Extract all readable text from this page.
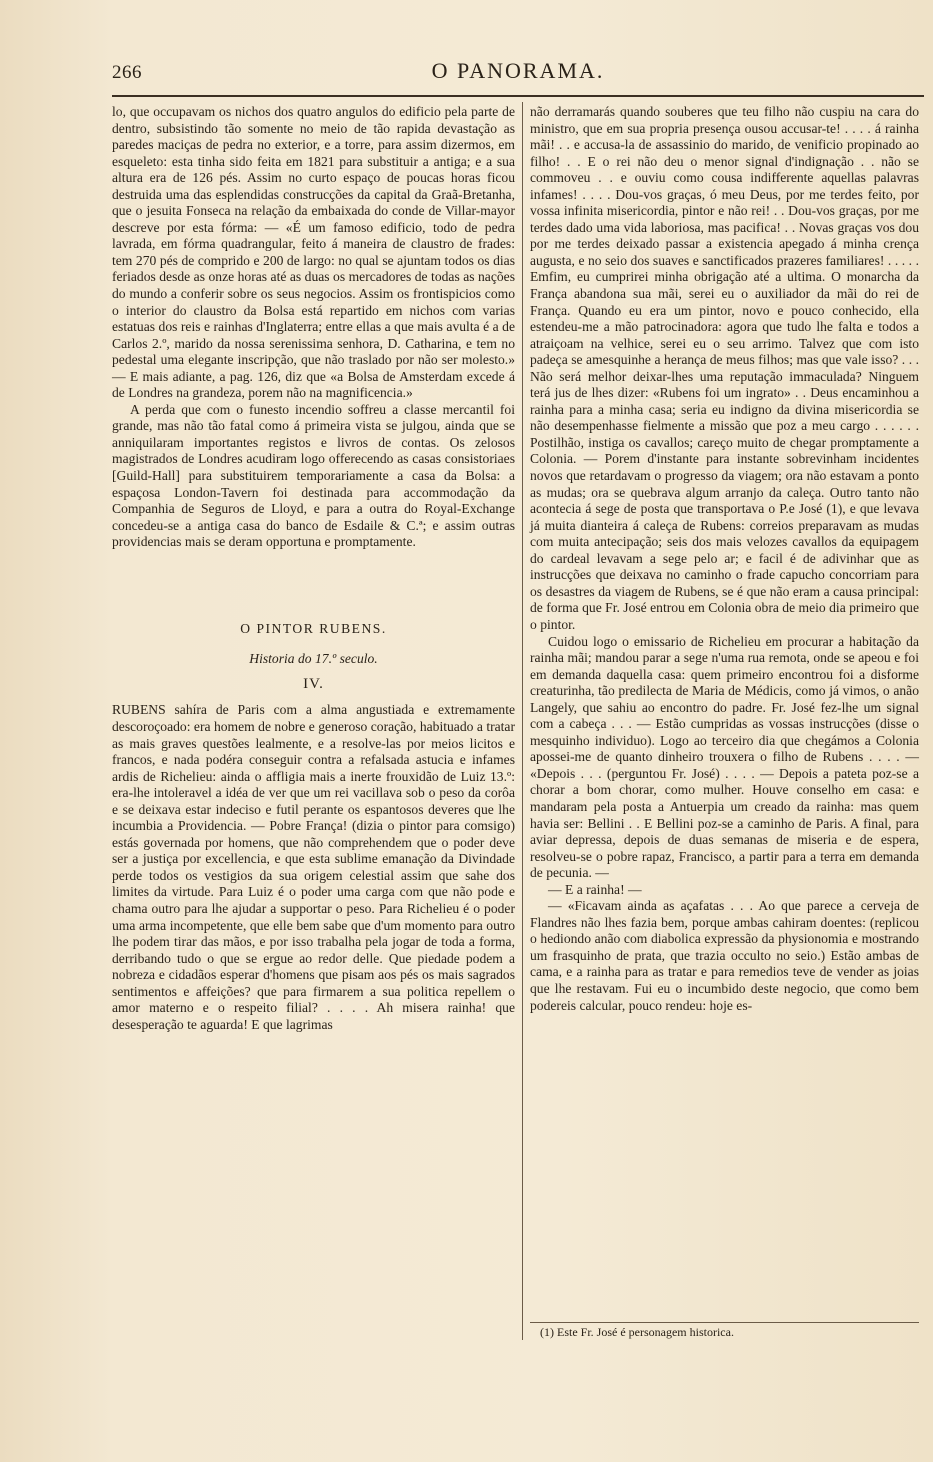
266	O PANORAMA.

lo, que occupavam os nichos dos quatro angulos do edificio pela parte de dentro, subsistindo tão somente no meio de tão rapida devastação as paredes maciças de pedra no exterior, e a torre, para assim dizermos, em esqueleto: esta tinha sido feita em 1821 para substituir a antiga; e a sua altura era de 126 pés. Assim no curto espaço de poucas horas ficou destruida uma das esplendidas construcções da capital da Graã-Bretanha, que o jesuita Fonseca na relação da embaixada do conde de Villar-mayor descreve por esta fórma: — «É um famoso edificio, todo de pedra lavrada, em fórma quadrangular, feito á maneira de claustro de frades: tem 270 pés de comprido e 200 de largo: no qual se ajuntam todos os dias feriados desde as onze horas até as duas os mercadores de todas as nações do mundo a conferir sobre os seus negocios. Assim os frontispicios como o interior do claustro da Bolsa está repartido em nichos com varias estatuas dos reis e rainhas d'Inglaterra; entre ellas a que mais avulta é a de Carlos 2.º, marido da nossa serenissima senhora, D. Catharina, e tem no pedestal uma elegante inscripção, que não traslado por não ser molesto.» — E mais adiante, a pag. 126, diz que «a Bolsa de Amsterdam excede á de Londres na grandeza, porem não na magnificencia.»

A perda que com o funesto incendio soffreu a classe mercantil foi grande, mas não tão fatal como á primeira vista se julgou, ainda que se anniquilaram importantes registos e livros de contas. Os zelosos magistrados de Londres acudiram logo offerecendo as casas consistoriaes [Guild-Hall] para substituirem temporariamente a casa da Bolsa: a espaçosa London-Tavern foi destinada para accommodação da Companhia de Seguros de Lloyd, e para a outra do Royal-Exchange concedeu-se a antiga casa do banco de Esdaile & C.ª; e assim outras providencias mais se deram opportuna e promptamente.

O PINTOR RUBENS.

Historia do 17.º seculo.

IV.

RUBENS sahíra de Paris com a alma angustiada e extremamente descoroçoado: era homem de nobre e generoso coração, habituado a tratar as mais graves questões lealmente, e a resolve-las por meios licitos e francos, e nada podéra conseguir contra a refalsada astucia e infames ardis de Richelieu: ainda o affligia mais a inerte frouxidão de Luiz 13.º: era-lhe intoleravel a idéa de ver que um rei vacillava sob o peso da corôa e se deixava estar indeciso e futil perante os espantosos deveres que lhe incumbia a Providencia. — Pobre França! (dizia o pintor para comsigo) estás governada por homens, que não comprehendem que o poder deve ser a justiça por excellencia, e que esta sublime emanação da Divindade perde todos os vestigios da sua origem celestial assim que sahe dos limites da virtude. Para Luiz é o poder uma carga com que não pode e chama outro para lhe ajudar a supportar o peso. Para Richelieu é o poder uma arma incompetente, que elle bem sabe que d'um momento para outro lhe podem tirar das mãos, e por isso trabalha pela jogar de toda a forma, derribando tudo o que se ergue ao redor delle. Que piedade podem a nobreza e cidadãos esperar d'homens que pisam aos pés os mais sagrados sentimentos e affeições? que para firmarem a sua politica repellem o amor materno e o respeito filial? . . . . Ah misera rainha! que desesperação te aguarda! E que lagrimas

não derramarás quando souberes que teu filho não cuspiu na cara do ministro, que em sua propria presença ousou accusar-te! . . . . á rainha mãi! . . e accusa-la de assassinio do marido, de venificio propinado ao filho! . . E o rei não deu o menor signal d'indignação . . não se commoveu . . e ouviu como cousa indifferente aquellas palavras infames! . . . . Dou-vos graças, ó meu Deus, por me terdes feito, por vossa infinita misericordia, pintor e não rei! . . Dou-vos graças, por me terdes dado uma vida laboriosa, mas pacifica! . . Novas graças vos dou por me terdes deixado passar a existencia apegado á minha crença augusta, e no seio dos suaves e sanctificados prazeres familiares! . . . . . Emfim, eu cumprirei minha obrigação até a ultima. O monarcha da França abandona sua mãi, serei eu o auxiliador da mãi do rei de França. Quando eu era um pintor, novo e pouco conhecido, ella estendeu-me a mão patrocinadora: agora que tudo lhe falta e todos a atraiçoam na velhice, serei eu o seu arrimo. Talvez que com isto padeça se amesquinhe a herança de meus filhos; mas que vale isso? . . . Não será melhor deixar-lhes uma reputação immaculada? Ninguem terá jus de lhes dizer: «Rubens foi um ingrato» . . Deus encaminhou a rainha para a minha casa; seria eu indigno da divina misericordia se não desempenhasse fielmente a missão que poz a meu cargo . . . . . . Postilhão, instiga os cavallos; careço muito de chegar promptamente a Colonia. — Porem d'instante para instante sobrevinham incidentes novos que retardavam o progresso da viagem; ora não estavam a ponto as mudas; ora se quebrava algum arranjo da caleça. Outro tanto não acontecia á sege de posta que transportava o P.e José (1), e que levava já muita dianteira á caleça de Rubens: correios preparavam as mudas com muita antecipação; seis dos mais velozes cavallos da equipagem do cardeal levavam a sege pelo ar; e facil é de adivinhar que as instrucções que deixava no caminho o frade capucho concorriam para os desastres da viagem de Rubens, se é que não eram a causa principal: de forma que Fr. José entrou em Colonia obra de meio dia primeiro que o pintor.

Cuidou logo o emissario de Richelieu em procurar a habitação da rainha mãi; mandou parar a sege n'uma rua remota, onde se apeou e foi em demanda daquella casa: quem primeiro encontrou foi a disforme creaturinha, tão predilecta de Maria de Médicis, como já vimos, o anão Langely, que sahiu ao encontro do padre. Fr. José fez-lhe um signal com a cabeça . . . — Estão cumpridas as vossas instrucções (disse o mesquinho individuo). Logo ao terceiro dia que chegámos a Colonia apossei-me de quanto dinheiro trouxera o filho de Rubens . . . . — «Depois . . . (perguntou Fr. José) . . . . — Depois a pateta poz-se a chorar a bom chorar, como mulher. Houve conselho em casa: e mandaram pela posta a Antuerpia um creado da rainha: mas quem havia ser: Bellini . . E Bellini poz-se a caminho de Paris. A final, para aviar depressa, depois de duas semanas de miseria e de espera, resolveu-se o pobre rapaz, Francisco, a partir para a terra em demanda de pecunia. —

— E a rainha! —

— «Ficavam ainda as açafatas . . . Ao que parece a cerveja de Flandres não lhes fazia bem, porque ambas cahiram doentes: (replicou o hediondo anão com diabolica expressão da physionomia e mostrando um frasquinho de prata, que trazia occulto no seio.) Estão ambas de cama, e a rainha para as tratar e para remedios teve de vender as joias que lhe restavam. Fui eu o incumbido deste negocio, que como bem podereis calcular, pouco rendeu: hoje es-

(1) Este Fr. José é personagem historica.
